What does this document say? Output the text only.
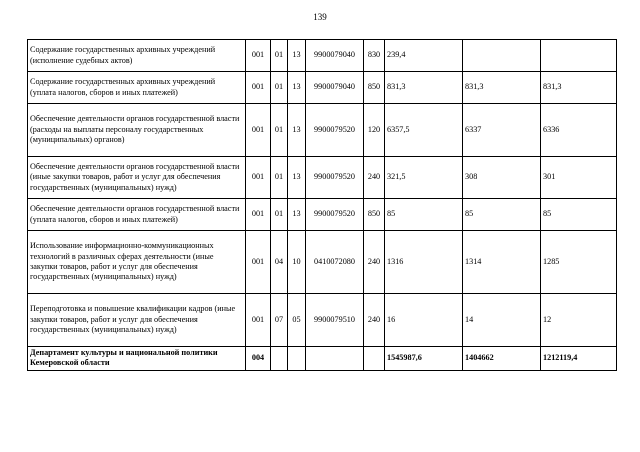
139
Содержание государственных архивных учреждений (исполнение судебных актов)	001	01	13	9900079040	830	239,4		
Содержание государственных архивных учреждений (уплата налогов, сборов и иных платежей)	001	01	13	9900079040	850	831,3	831,3	831,3
Обеспечение деятельности органов государственной власти (расходы на выплаты персоналу государственных (муниципальных) органов)	001	01	13	9900079520	120	6357,5	6337	6336
Обеспечение деятельности органов государственной власти (иные закупки товаров, работ и услуг для обеспечения государственных (муниципальных) нужд)	001	01	13	9900079520	240	321,5	308	301
Обеспечение деятельности органов государственной власти (уплата налогов, сборов и иных платежей)	001	01	13	9900079520	850	85	85	85
Использование информационно-коммуникационных технологий в различных сферах деятельности (иные закупки товаров, работ и услуг для обеспечения государственных (муниципальных) нужд)	001	04	10	0410072080	240	1316	1314	1285
Переподготовка и повышение квалификации кадров (иные закупки товаров, работ и услуг для обеспечения государственных (муниципальных) нужд)	001	07	05	9900079510	240	16	14	12
Департамент культуры и национальной политики Кемеровской области	004					1545987,6	1404662	1212119,4
